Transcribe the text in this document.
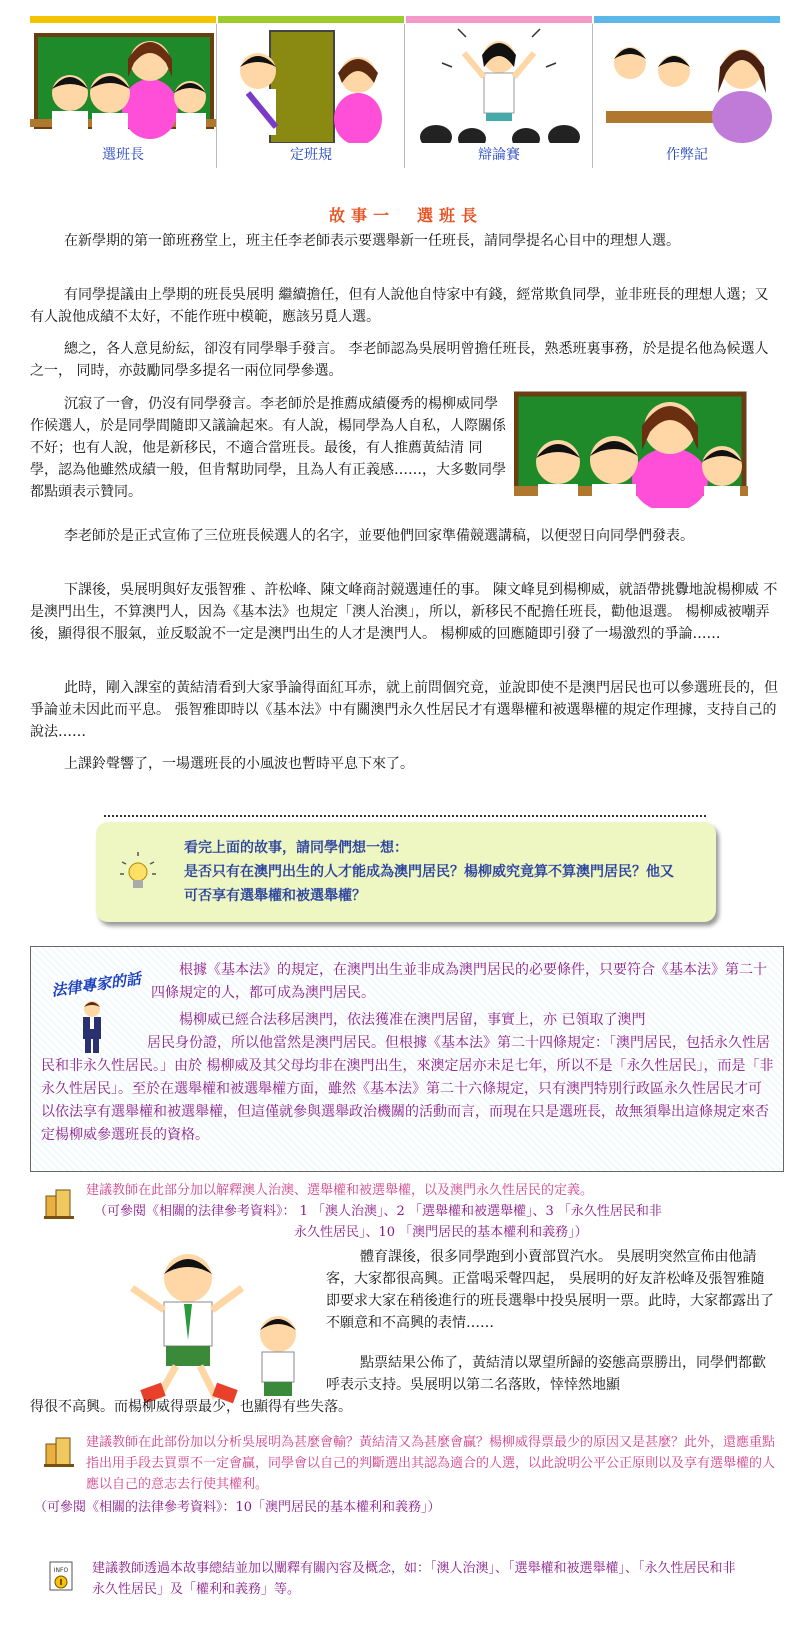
選班長	定班規	辯論賽	作弊記
故事一　選班長

在新學期的第一節班務堂上，班主任李老師表示要選舉新一任班長，請同學提名心目中的理想人選。

有同學提議由上學期的班長吳展明 繼續擔任，但有人說他自恃家中有錢，經常欺負同學，並非班長的理想人選；又有人說他成績不太好，不能作班中模範，應該另覓人選。

總之，各人意見紛紜，卻沒有同學舉手發言。 李老師認為吳展明曾擔任班長，熟悉班裏事務，於是提名他為候選人之一， 同時，亦鼓勵同學多提名一兩位同學參選。

沉寂了一會，仍沒有同學發言。李老師於是推薦成績優秀的楊柳威同學作候選人，於是同學間隨即又議論起來。有人說，楊同學為人自私，人際關係不好；也有人說，他是新移民，不適合當班長。最後，有人推薦黃結清 同學，認為他雖然成績一般，但肯幫助同學，且為人有正義感……，大多數同學都點頭表示贊同。

李老師於是正式宣佈了三位班長候選人的名字，並要他們回家準備競選講稿，以便翌日向同學們發表。

下課後，吳展明與好友張智雅 、許松峰、陳文峰商討競選連任的事。 陳文峰見到楊柳威，就語帶挑釁地說楊柳威 不是澳門出生，不算澳門人，因為《基本法》也規定「澳人治澳」，所以，新移民不配擔任班長，勸他退選。 楊柳威被嘲弄後，顯得很不服氣，並反駁說不一定是澳門出生的人才是澳門人。 楊柳威的回應隨即引發了一場激烈的爭論……

此時，剛入課室的黃結清看到大家爭論得面紅耳赤，就上前問個究竟，並說即使不是澳門居民也可以參選班長的，但爭論並未因此而平息。 張智雅即時以《基本法》中有關澳門永久性居民才有選舉權和被選舉權的規定作理據，支持自己的說法……

上課鈴聲響了，一場選班長的小風波也暫時平息下來了。

看完上面的故事，請同學們想一想：
是否只有在澳門出生的人才能成為澳門居民？楊柳威究竟算不算澳門居民？他又可否享有選舉權和被選舉權？
法律專家的話	根據《基本法》的規定，在澳門出生並非成為澳門居民的必要條件，只要符合《基本法》第二十四條規定的人，都可成為澳門居民。

楊柳威已經合法移居澳門，依法獲准在澳門居留，事實上，亦 已領取了澳門

居民身份證，所以他當然是澳門居民。但根據《基本法》第二十四條規定：「澳門居民，包括永久性居民和非永久性居民。」由於 楊柳威及其父母均非在澳門出生，來澳定居亦未足七年，所以不是「永久性居民」，而是「非永久性居民」。至於在選舉權和被選舉權方面，雖然《基本法》第二十六條規定，只有澳門特別行政區永久性居民才可以依法享有選舉權和被選舉權，但這僅就參與選舉政治機關的活動而言，而現在只是選班長，故無須舉出這條規定來否定楊柳威參選班長的資格。

建議教師在此部分加以解釋澳人治澳、選舉權和被選舉權，以及澳門永久性居民的定義。

（可參閱《相關的法律參考資料》： 1 「澳人治澳」、2 「選舉權和被選舉權」、3 「永久性居民和非

永久性居民」、10 「澳門居民的基本權利和義務」）

體育課後，很多同學跑到小賣部買汽水。 吳展明突然宣佈由他請客，大家都很高興。正當喝采聲四起， 吳展明的好友許松峰及張智雅隨即要求大家在稍後進行的班長選舉中投吳展明一票。此時，大家都露出了不願意和不高興的表情……

點票結果公佈了，黃結清以眾望所歸的姿態高票勝出，同學們都歡呼表示支持。吳展明以第二名落敗，悻悻然地顯

得很不高興。而楊柳威得票最少，也顯得有些失落。

建議教師在此部份加以分析吳展明為甚麼會輸？黃結清又為甚麼會贏？楊柳威得票最少的原因又是甚麼？此外，還應重點指出用手段去買票不一定會贏，同學會以自己的判斷選出其認為適合的人選，以此說明公平公正原則以及享有選舉權的人應以自己的意志去行使其權利。

（可參閱《相關的法律參考資料》：10「澳門居民的基本權利和義務」）

INFO 建議教師透過本故事總結並加以闡釋有關內容及概念，如：「澳人治澳」、「選舉權和被選舉權」、「永久性居民和非永久性居民」及「權利和義務」等。
